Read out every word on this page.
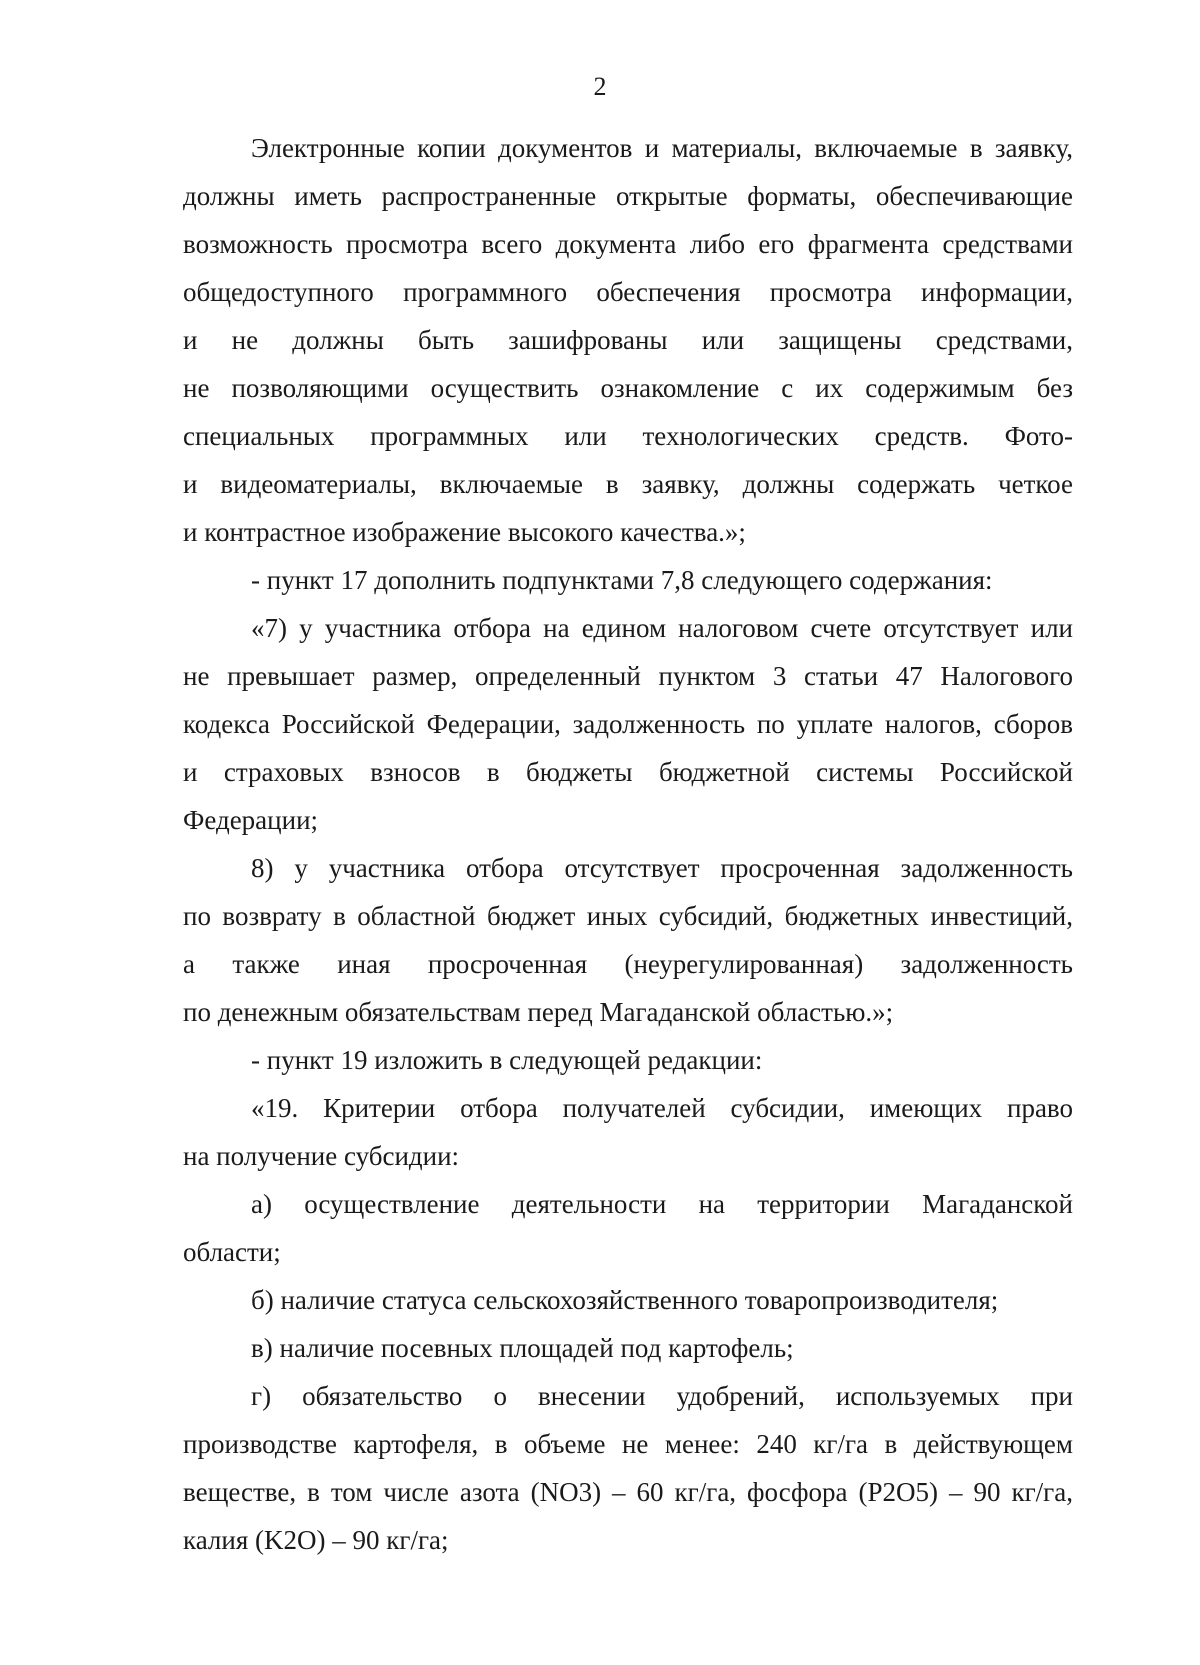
2

Электронные копии документов и материалы, включаемые в заявку,
должны иметь распространенные открытые форматы, обеспечивающие
возможность просмотра всего документа либо его фрагмента средствами
общедоступного программного обеспечения просмотра информации,
и не должны быть зашифрованы или защищены средствами,
не позволяющими осуществить ознакомление с их содержимым без
специальных программных или технологических средств. Фото-
и видеоматериалы, включаемые в заявку, должны содержать четкое
и контрастное изображение высокого качества.»;

- пункт 17 дополнить подпунктами 7,8 следующего содержания:

«7) у участника отбора на едином налоговом счете отсутствует или
не превышает размер, определенный пунктом 3 статьи 47 Налогового
кодекса Российской Федерации, задолженность по уплате налогов, сборов
и страховых взносов в бюджеты бюджетной системы Российской
Федерации;

8) у участника отбора отсутствует просроченная задолженность
по возврату в областной бюджет иных субсидий, бюджетных инвестиций,
а также иная просроченная (неурегулированная) задолженность
по денежным обязательствам перед Магаданской областью.»;

- пункт 19 изложить в следующей редакции:

«19. Критерии отбора получателей субсидии, имеющих право
на получение субсидии:

а) осуществление деятельности на территории Магаданской
области;

б) наличие статуса сельскохозяйственного товаропроизводителя;

в) наличие посевных площадей под картофель;

г) обязательство о внесении удобрений, используемых при
производстве картофеля, в объеме не менее: 240 кг/га в действующем
веществе, в том числе азота (NO3) – 60 кг/га, фосфора (P2O5) – 90 кг/га,
калия (K2O) – 90 кг/га;
